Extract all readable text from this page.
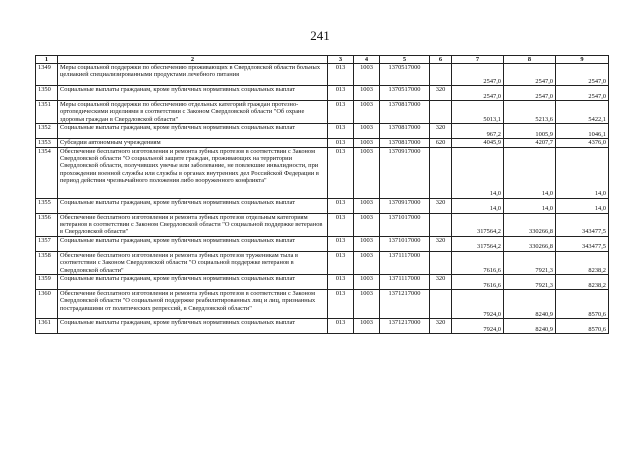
241
1	2	3	4	5	6	7	8	9
1349	Меры социальной поддержки по обеспечению проживающих в Свердловской области больных целиакией специализированными продуктами лечебного питания	013	1003	1370517000		2547,0	2547,0	2547,0
1350	Социальные выплаты гражданам, кроме публичных нормативных социальных выплат	013	1003	1370517000	320	2547,0	2547,0	2547,0
1351	Меры социальной поддержки по обеспечению отдельных категорий граждан протезно-ортопедическими изделиями в соответствии с Законом Свердловской области "Об охране здоровья граждан в Свердловской области"	013	1003	1370817000		5013,1	5213,6	5422,1
1352	Социальные выплаты гражданам, кроме публичных нормативных социальных выплат	013	1003	1370817000	320	967,2	1005,9	1046,1
1353	Субсидии автономным учреждениям	013	1003	1370817000	620	4045,9	4207,7	4376,0
1354	Обеспечение бесплатного изготовления и ремонта зубных протезов в соответствии с Законом Свердловской области "О социальной защите граждан, проживающих на территории Свердловской области, получивших увечье или заболевание, не повлекшие инвалидности, при прохождении военной службы или службы в органах внутренних дел Российской Федерации в период действия чрезвычайного положения либо вооруженного конфликта"	013	1003	1370917000		14,0	14,0	14,0
1355	Социальные выплаты гражданам, кроме публичных нормативных социальных выплат	013	1003	1370917000	320	14,0	14,0	14,0
1356	Обеспечение бесплатного изготовления и ремонта зубных протезов отдельным категориям ветеранов в соответствии с Законом Свердловской области "О социальной поддержке ветеранов в Свердловской области"	013	1003	1371017000		317564,2	330266,8	343477,5
1357	Социальные выплаты гражданам, кроме публичных нормативных социальных выплат	013	1003	1371017000	320	317564,2	330266,8	343477,5
1358	Обеспечение бесплатного изготовления и ремонта зубных протезов труженикам тыла в соответствии с Законом Свердловской области "О социальной поддержке ветеранов в Свердловской области"	013	1003	1371117000		7616,6	7921,3	8238,2
1359	Социальные выплаты гражданам, кроме публичных нормативных социальных выплат	013	1003	1371117000	320	7616,6	7921,3	8238,2
1360	Обеспечение бесплатного изготовления и ремонта зубных протезов в соответствии с Законом Свердловской области "О социальной поддержке реабилитированных лиц и лиц, признанных пострадавшими от политических репрессий, в Свердловской области"	013	1003	1371217000		7924,0	8240,9	8570,6
1361	Социальные выплаты гражданам, кроме публичных нормативных социальных выплат	013	1003	1371217000	320	7924,0	8240,9	8570,6
